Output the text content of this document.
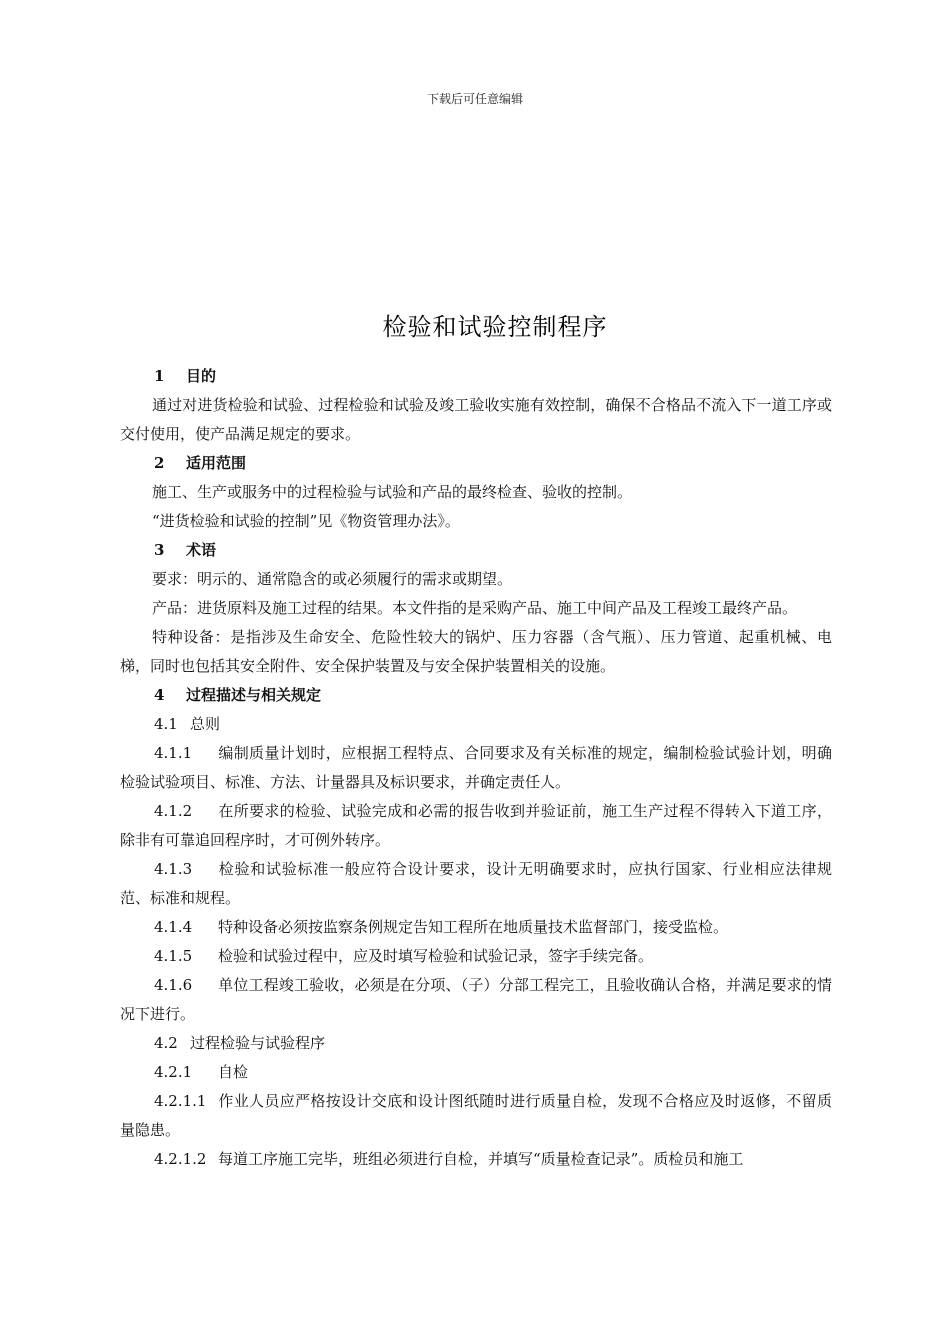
下载后可任意编辑
检验和试验控制程序

1 目的

通过对进货检验和试验、过程检验和试验及竣工验收实施有效控制，确保不合格品不流入下一道工序或交付使用，使产品满足规定的要求。

2 适用范围

施工、生产或服务中的过程检验与试验和产品的最终检查、验收的控制。

“进货检验和试验的控制”见《物资管理办法》。

3 术语

要求：明示的、通常隐含的或必须履行的需求或期望。

产品：进货原料及施工过程的结果。本文件指的是采购产品、施工中间产品及工程竣工最终产品。

特种设备：是指涉及生命安全、危险性较大的锅炉、压力容器（含气瓶）、压力管道、起重机械、电梯，同时也包括其安全附件、安全保护装置及与安全保护装置相关的设施。

4 过程描述与相关规定

4.1 总则

4.1.1 编制质量计划时，应根据工程特点、合同要求及有关标准的规定，编制检验试验计划，明确检验试验项目、标准、方法、计量器具及标识要求，并确定责任人。

4.1.2 在所要求的检验、试验完成和必需的报告收到并验证前，施工生产过程不得转入下道工序，除非有可靠追回程序时，才可例外转序。

4.1.3 检验和试验标准一般应符合设计要求，设计无明确要求时，应执行国家、行业相应法律规范、标准和规程。

4.1.4 特种设备必须按监察条例规定告知工程所在地质量技术监督部门，接受监检。

4.1.5 检验和试验过程中，应及时填写检验和试验记录，签字手续完备。

4.1.6 单位工程竣工验收，必须是在分项、（子）分部工程完工，且验收确认合格，并满足要求的情况下进行。

4.2 过程检验与试验程序

4.2.1 自检

4.2.1.1 作业人员应严格按设计交底和设计图纸随时进行质量自检，发现不合格应及时返修，不留质量隐患。

4.2.1.2 每道工序施工完毕，班组必须进行自检，并填写“质量检查记录”。质检员和施工
